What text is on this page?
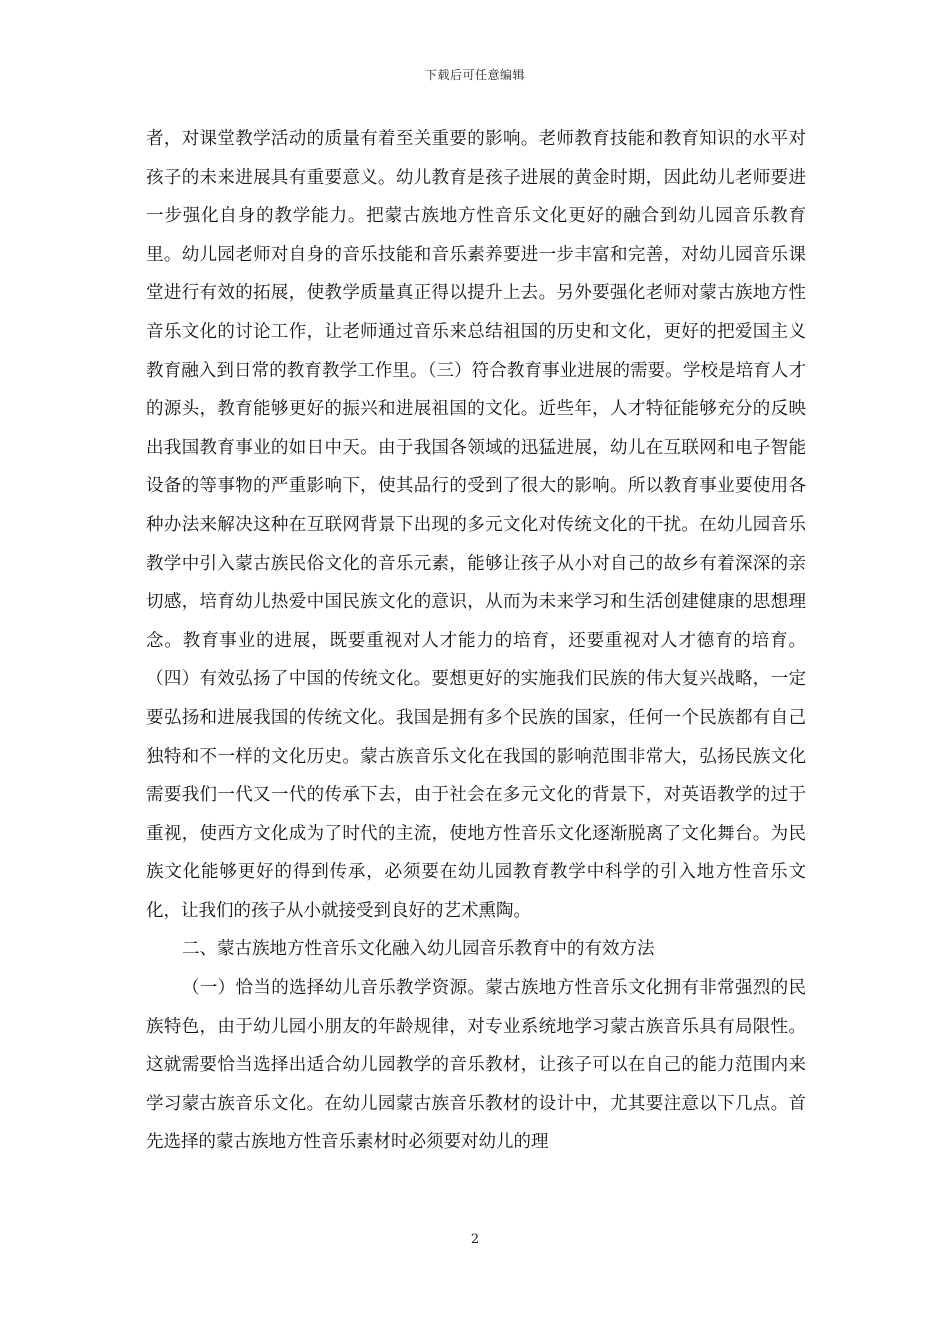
下载后可任意编辑

者，对课堂教学活动的质量有着至关重要的影响。老师教育技能和教育知识的水平对孩子的未来进展具有重要意义。幼儿教育是孩子进展的黄金时期，因此幼儿老师要进一步强化自身的教学能力。把蒙古族地方性音乐文化更好的融合到幼儿园音乐教育里。幼儿园老师对自身的音乐技能和音乐素养要进一步丰富和完善，对幼儿园音乐课堂进行有效的拓展，使教学质量真正得以提升上去。另外要强化老师对蒙古族地方性音乐文化的讨论工作，让老师通过音乐来总结祖国的历史和文化，更好的把爱国主义教育融入到日常的教育教学工作里。（三）符合教育事业进展的需要。学校是培育人才的源头，教育能够更好的振兴和进展祖国的文化。近些年，人才特征能够充分的反映出我国教育事业的如日中天。由于我国各领域的迅猛进展，幼儿在互联网和电子智能设备的等事物的严重影响下，使其品行的受到了很大的影响。所以教育事业要使用各种办法来解决这种在互联网背景下出现的多元文化对传统文化的干扰。在幼儿园音乐教学中引入蒙古族民俗文化的音乐元素，能够让孩子从小对自己的故乡有着深深的亲切感，培育幼儿热爱中国民族文化的意识，从而为未来学习和生活创建健康的思想理念。教育事业的进展，既要重视对人才能力的培育，还要重视对人才德育的培育。（四）有效弘扬了中国的传统文化。要想更好的实施我们民族的伟大复兴战略，一定要弘扬和进展我国的传统文化。我国是拥有多个民族的国家，任何一个民族都有自己独特和不一样的文化历史。蒙古族音乐文化在我国的影响范围非常大，弘扬民族文化需要我们一代又一代的传承下去，由于社会在多元文化的背景下，对英语教学的过于重视，使西方文化成为了时代的主流，使地方性音乐文化逐渐脱离了文化舞台。为民族文化能够更好的得到传承，必须要在幼儿园教育教学中科学的引入地方性音乐文化，让我们的孩子从小就接受到良好的艺术熏陶。

二、蒙古族地方性音乐文化融入幼儿园音乐教育中的有效方法

（一）恰当的选择幼儿音乐教学资源。蒙古族地方性音乐文化拥有非常强烈的民族特色，由于幼儿园小朋友的年龄规律，对专业系统地学习蒙古族音乐具有局限性。这就需要恰当选择出适合幼儿园教学的音乐教材，让孩子可以在自己的能力范围内来学习蒙古族音乐文化。在幼儿园蒙古族音乐教材的设计中，尤其要注意以下几点。首先选择的蒙古族地方性音乐素材时必须要对幼儿的理

2
